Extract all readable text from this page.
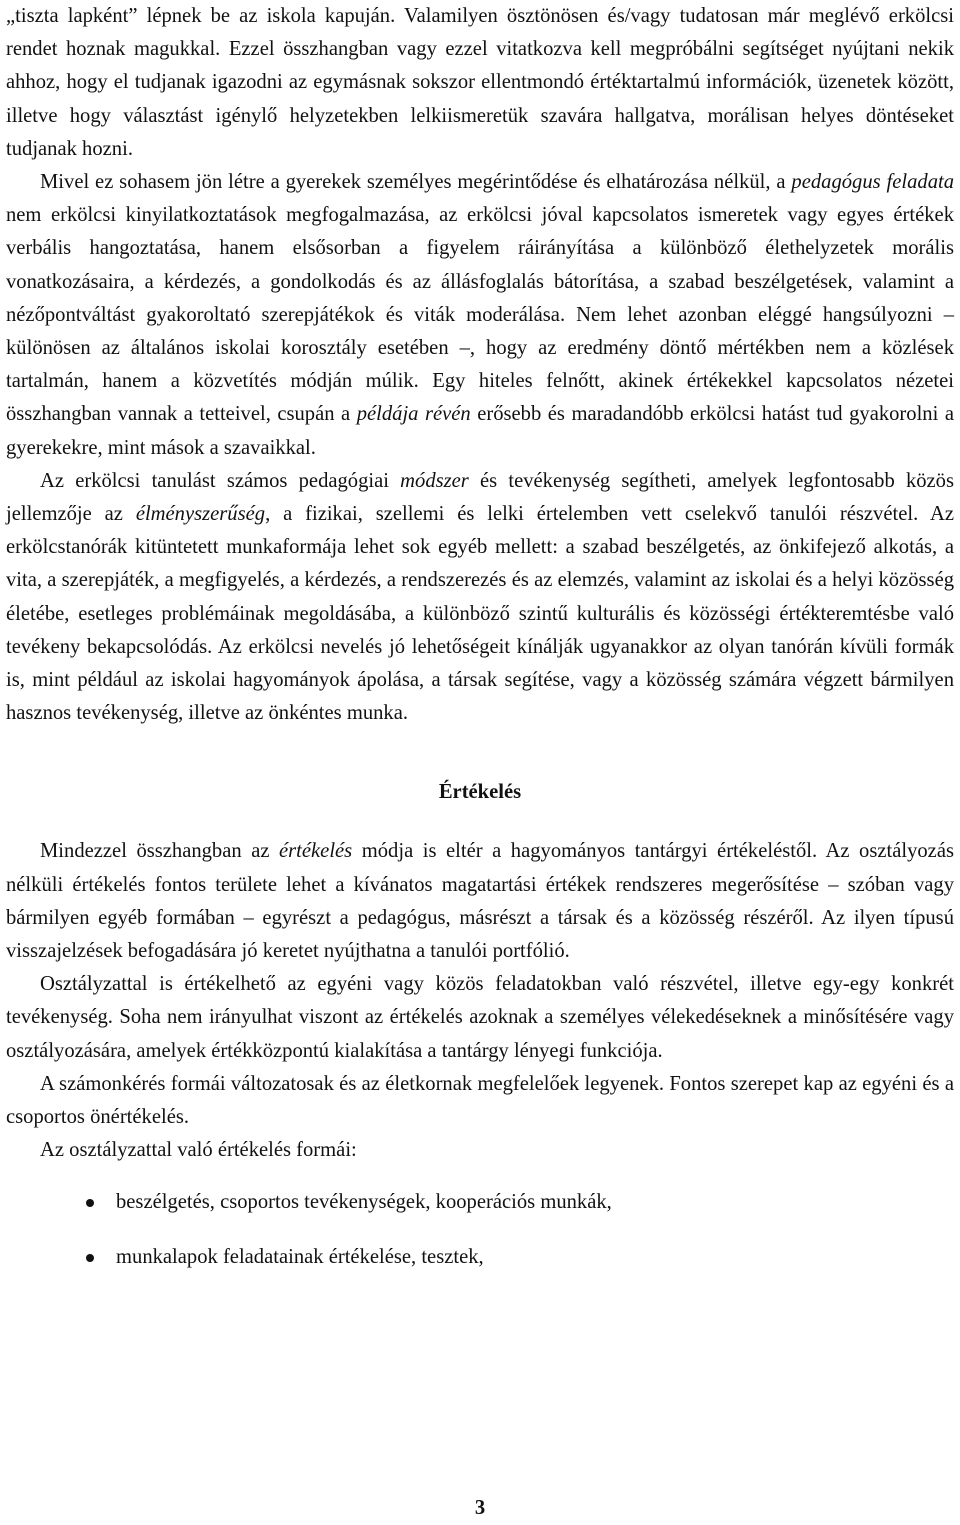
„tiszta lapként” lépnek be az iskola kapuján. Valamilyen ösztönösen és/vagy tudatosan már meglévő erkölcsi rendet hoznak magukkal. Ezzel összhangban vagy ezzel vitatkozva kell megpróbálni segítséget nyújtani nekik ahhoz, hogy el tudjanak igazodni az egymásnak sokszor ellentmondó értéktartalmú információk, üzenetek között, illetve hogy választást igénylő helyzetekben lelkiismeretük szavára hallgatva, morálisan helyes döntéseket tudjanak hozni.

Mivel ez sohasem jön létre a gyerekek személyes megérintődése és elhatározása nélkül, a pedagógus feladata nem erkölcsi kinyilatkoztatások megfogalmazása, az erkölcsi jóval kapcsolatos ismeretek vagy egyes értékek verbális hangoztatása, hanem elsősorban a figyelem ráirányítása a különböző élethelyzetek morális vonatkozásaira, a kérdezés, a gondolkodás és az állásfoglalás bátorítása, a szabad beszélgetések, valamint a nézőpontváltást gyakoroltató szerepjátékok és viták moderálása. Nem lehet azonban eléggé hangsúlyozni – különösen az általános iskolai korosztály esetében –, hogy az eredmény döntő mértékben nem a közlések tartalmán, hanem a közvetítés módján múlik. Egy hiteles felnőtt, akinek értékekkel kapcsolatos nézetei összhangban vannak a tetteivel, csupán a példája révén erősebb és maradandóbb erkölcsi hatást tud gyakorolni a gyerekekre, mint mások a szavaikkal.

Az erkölcsi tanulást számos pedagógiai módszer és tevékenység segítheti, amelyek legfontosabb közös jellemzője az élményszerűség, a fizikai, szellemi és lelki értelemben vett cselekvő tanulói részvétel. Az erkölcstanórák kitüntetett munkaformája lehet sok egyéb mellett: a szabad beszélgetés, az önkifejező alkotás, a vita, a szerepjáték, a megfigyelés, a kérdezés, a rendszerezés és az elemzés, valamint az iskolai és a helyi közösség életébe, esetleges problémáinak megoldásába, a különböző szintű kulturális és közösségi értékteremtésbe való tevékeny bekapcsolódás. Az erkölcsi nevelés jó lehetőségeit kínálják ugyanakkor az olyan tanórán kívüli formák is, mint például az iskolai hagyományok ápolása, a társak segítése, vagy a közösség számára végzett bármilyen hasznos tevékenység, illetve az önkéntes munka.

Értékelés

Mindezzel összhangban az értékelés módja is eltér a hagyományos tantárgyi értékeléstől. Az osztályozás nélküli értékelés fontos területe lehet a kívánatos magatartási értékek rendszeres megerősítése – szóban vagy bármilyen egyéb formában – egyrészt a pedagógus, másrészt a társak és a közösség részéről. Az ilyen típusú visszajelzések befogadására jó keretet nyújthatna a tanulói portfólió.

Osztályzattal is értékelhető az egyéni vagy közös feladatokban való részvétel, illetve egy-egy konkrét tevékenység. Soha nem irányulhat viszont az értékelés azoknak a személyes vélekedéseknek a minősítésére vagy osztályozására, amelyek értékközpontú kialakítása a tantárgy lényegi funkciója.

A számonkérés formái változatosak és az életkornak megfelelőek legyenek. Fontos szerepet kap az egyéni és a csoportos önértékelés.

Az osztályzattal való értékelés formái:

beszélgetés, csoportos tevékenységek, kooperációs munkák,
munkalapok feladatainak értékelése, tesztek,
3
